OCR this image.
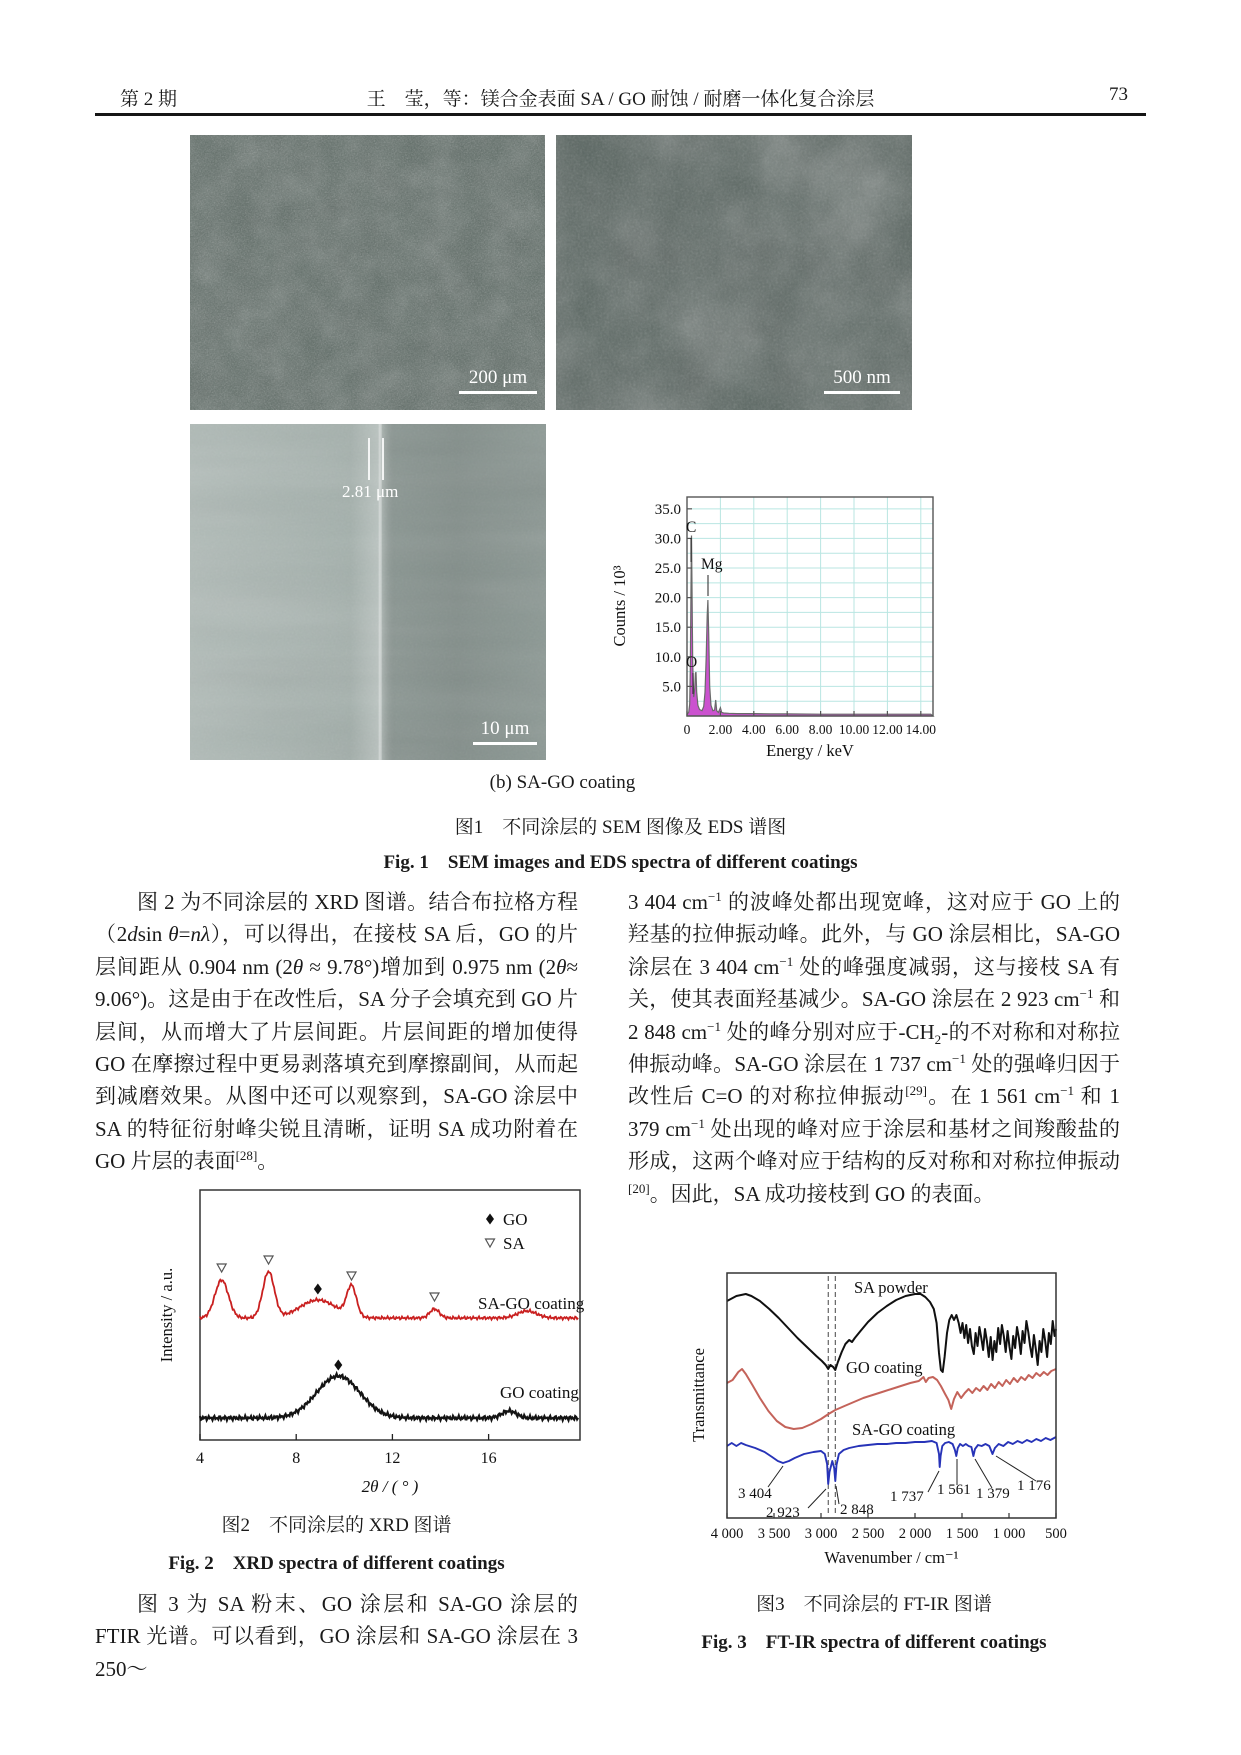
第 2 期	王　莹，等：镁合金表面 SA / GO 耐蚀 / 耐磨一体化复合涂层	73
200 μm	500 nm
2.81 μm
10 μm
5.0
10.0
15.0
20.0
25.0
30.0
35.0
0 2.00 4.00 6.00 8.00 10.00 12.00 14.00
C
Mg
O
Energy / keV
Counts / 10³
(b) SA-GO coating
图1　不同涂层的 SEM 图像及 EDS 谱图
Fig. 1　SEM images and EDS spectra of different coatings

图 2 为不同涂层的 XRD 图谱。结合布拉格方程（2dsin θ=nλ），可以得出，在接枝 SA 后，GO 的片层间距从 0.904 nm (2θ ≈ 9.78°)增加到 0.975 nm (2θ≈ 9.06°)。这是由于在改性后，SA 分子会填充到 GO 片层间，从而增大了片层间距。片层间距的增加使得 GO 在摩擦过程中更易剥落填充到摩擦副间，从而起到减磨效果。从图中还可以观察到，SA-GO 涂层中 SA 的特征衍射峰尖锐且清晰，证明 SA 成功附着在 GO 片层的表面[28]。

4	8	12	16
SA-GO coating
GO coating
GO
SA
2θ / ( ° )
Intensity / a.u.
图2　不同涂层的 XRD 图谱
Fig. 2　XRD spectra of different coatings

图 3 为 SA 粉末、GO 涂层和 SA-GO 涂层的 FTIR 光谱。可以看到，GO 涂层和 SA-GO 涂层在 3 250～

3 404 $cm^{-1}$ 的波峰处都出现宽峰，这对应于 GO 上的羟基的拉伸振动峰。此外，与 GO 涂层相比，SA-GO 涂层在 3 404 $cm^{-1}$ 处的峰强度减弱，这与接枝 SA 有关，使其表面羟基减少。SA-GO 涂层在 2 923 $cm^{-1}$ 和 2 848 $cm^{-1}$ 处的峰分别对应于$-CH_2-$的不对称和对称拉伸振动峰。SA-GO 涂层在 1 737 $cm^{-1}$ 处的强峰归因于改性后 C=O 的对称拉伸振动[29]。在 1 561 $cm^{-1}$ 和 1 379 $cm^{-1}$ 处出现的峰对应于涂层和基材之间羧酸盐的形成，这两个峰对应于结构的反对称和对称拉伸振动[20]。因此，SA 成功接枝到 GO 的表面。

SA powder
GO coating
SA-GO coating
3 404
2 923	2 848
1 737 1 561 1 379 1 176
4 000 3 500 3 000 2 500 2 000 1 500 1 000 500
Wavenumber / cm⁻¹
Transmittance
图3　不同涂层的 FT-IR 图谱
Fig. 3　FT-IR spectra of different coatings
